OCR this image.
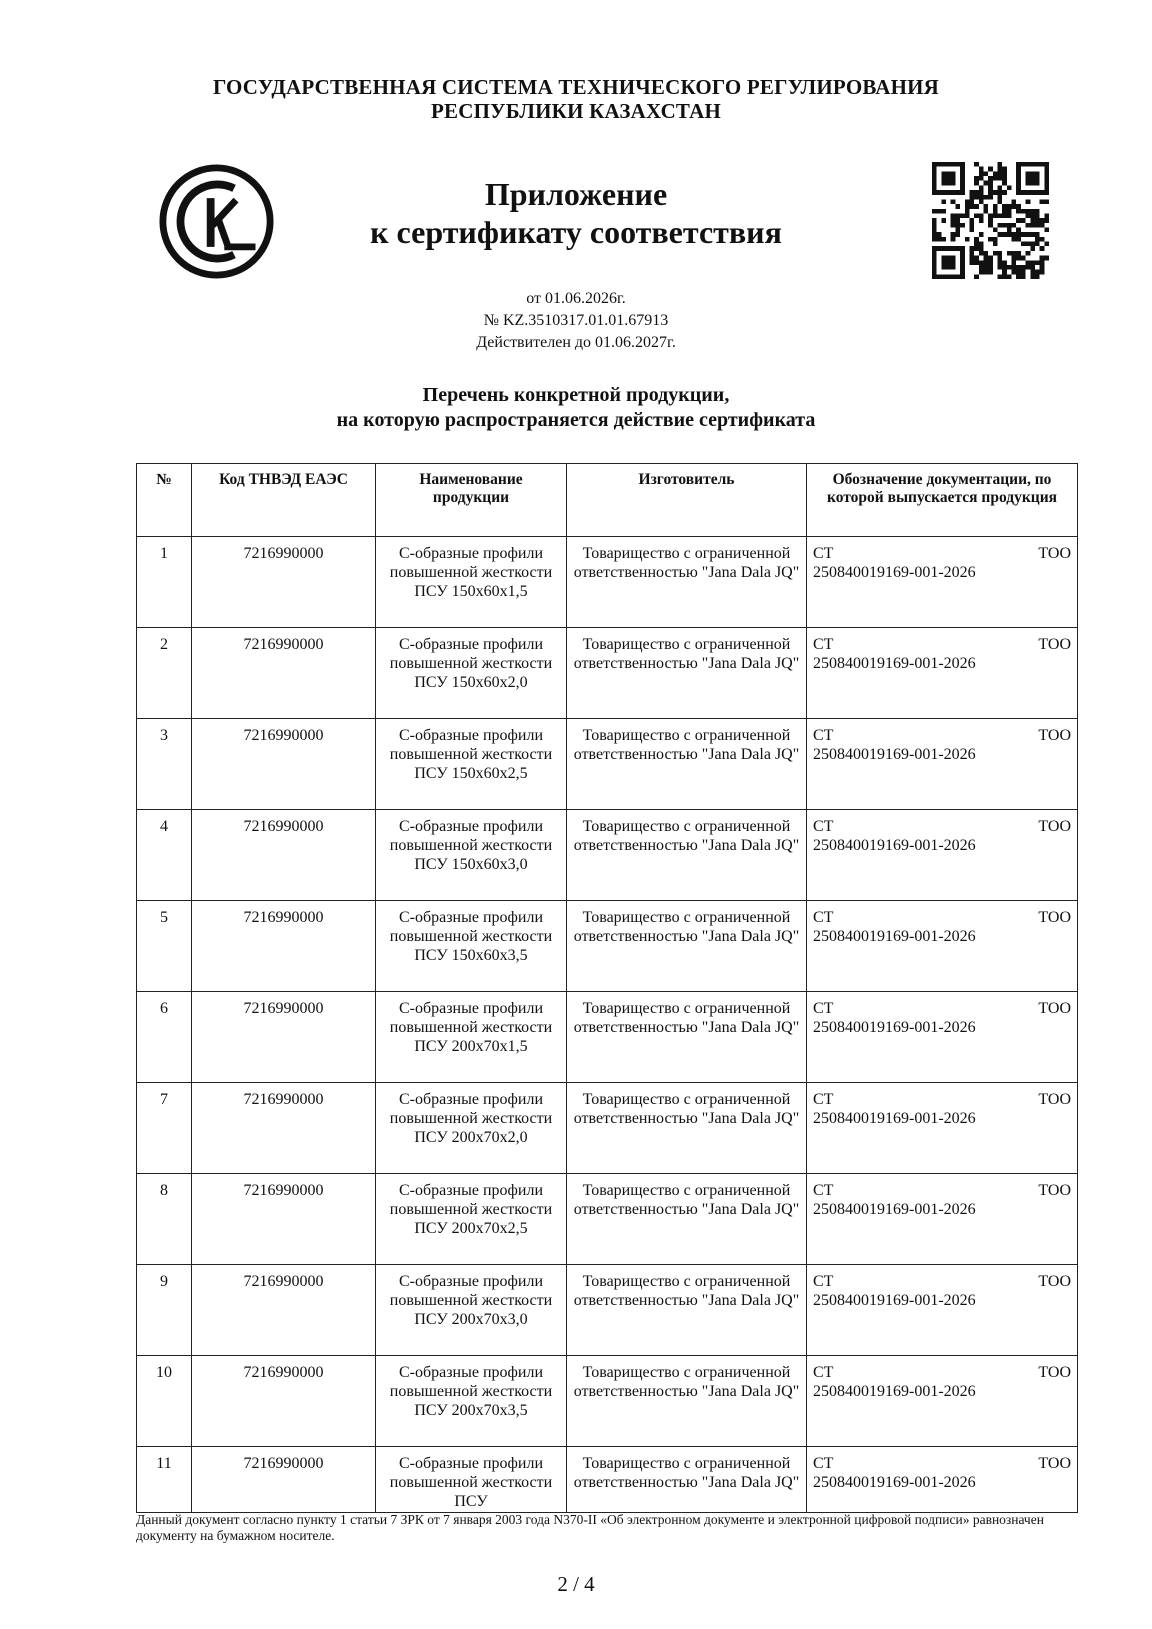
ГОСУДАРСТВЕННАЯ СИСТЕМА ТЕХНИЧЕСКОГО РЕГУЛИРОВАНИЯ
РЕСПУБЛИКИ КАЗАХСТАН
Приложение
к сертификату соответствия
от 01.06.2026г.
№ KZ.3510317.01.01.67913
Действителен до 01.06.2027г.
Перечень конкретной продукции,
на которую распространяется действие сертификата
№	Код ТНВЭД ЕАЭС	Наименование продукции	Изготовитель	Обозначение документации, по которой выпускается продукция
1	7216990000	С-образные профили повышенной жесткости ПСУ 150х60х1,5	Товарищество с ограниченной ответственностью "Jana Dala JQ"	СТ ТОО
250840019169-001-2026

2	7216990000	С-образные профили повышенной жесткости ПСУ 150х60х2,0	Товарищество с ограниченной ответственностью "Jana Dala JQ"	СТ ТОО
250840019169-001-2026

3	7216990000	С-образные профили повышенной жесткости ПСУ 150х60х2,5	Товарищество с ограниченной ответственностью "Jana Dala JQ"	СТ ТОО
250840019169-001-2026

4	7216990000	С-образные профили повышенной жесткости ПСУ 150х60х3,0	Товарищество с ограниченной ответственностью "Jana Dala JQ"	СТ ТОО
250840019169-001-2026

5	7216990000	С-образные профили повышенной жесткости ПСУ 150х60х3,5	Товарищество с ограниченной ответственностью "Jana Dala JQ"	СТ ТОО
250840019169-001-2026

6	7216990000	С-образные профили повышенной жесткости ПСУ 200х70х1,5	Товарищество с ограниченной ответственностью "Jana Dala JQ"	СТ ТОО
250840019169-001-2026

7	7216990000	С-образные профили повышенной жесткости ПСУ 200х70х2,0	Товарищество с ограниченной ответственностью "Jana Dala JQ"	СТ ТОО
250840019169-001-2026

8	7216990000	С-образные профили повышенной жесткости ПСУ 200х70х2,5	Товарищество с ограниченной ответственностью "Jana Dala JQ"	СТ ТОО
250840019169-001-2026

9	7216990000	С-образные профили повышенной жесткости ПСУ 200х70х3,0	Товарищество с ограниченной ответственностью "Jana Dala JQ"	СТ ТОО
250840019169-001-2026

10	7216990000	С-образные профили повышенной жесткости ПСУ 200х70х3,5	Товарищество с ограниченной ответственностью "Jana Dala JQ"	СТ ТОО
250840019169-001-2026

11	7216990000	С-образные профили повышенной жесткости ПСУ	Товарищество с ограниченной ответственностью "Jana Dala JQ"	СТ ТОО
250840019169-001-2026
Данный документ согласно пункту 1 статьи 7 ЗРК от 7 января 2003 года N370-II «Об электронном документе и электронной цифровой подписи» равнозначен документу на бумажном носителе.
2 / 4
